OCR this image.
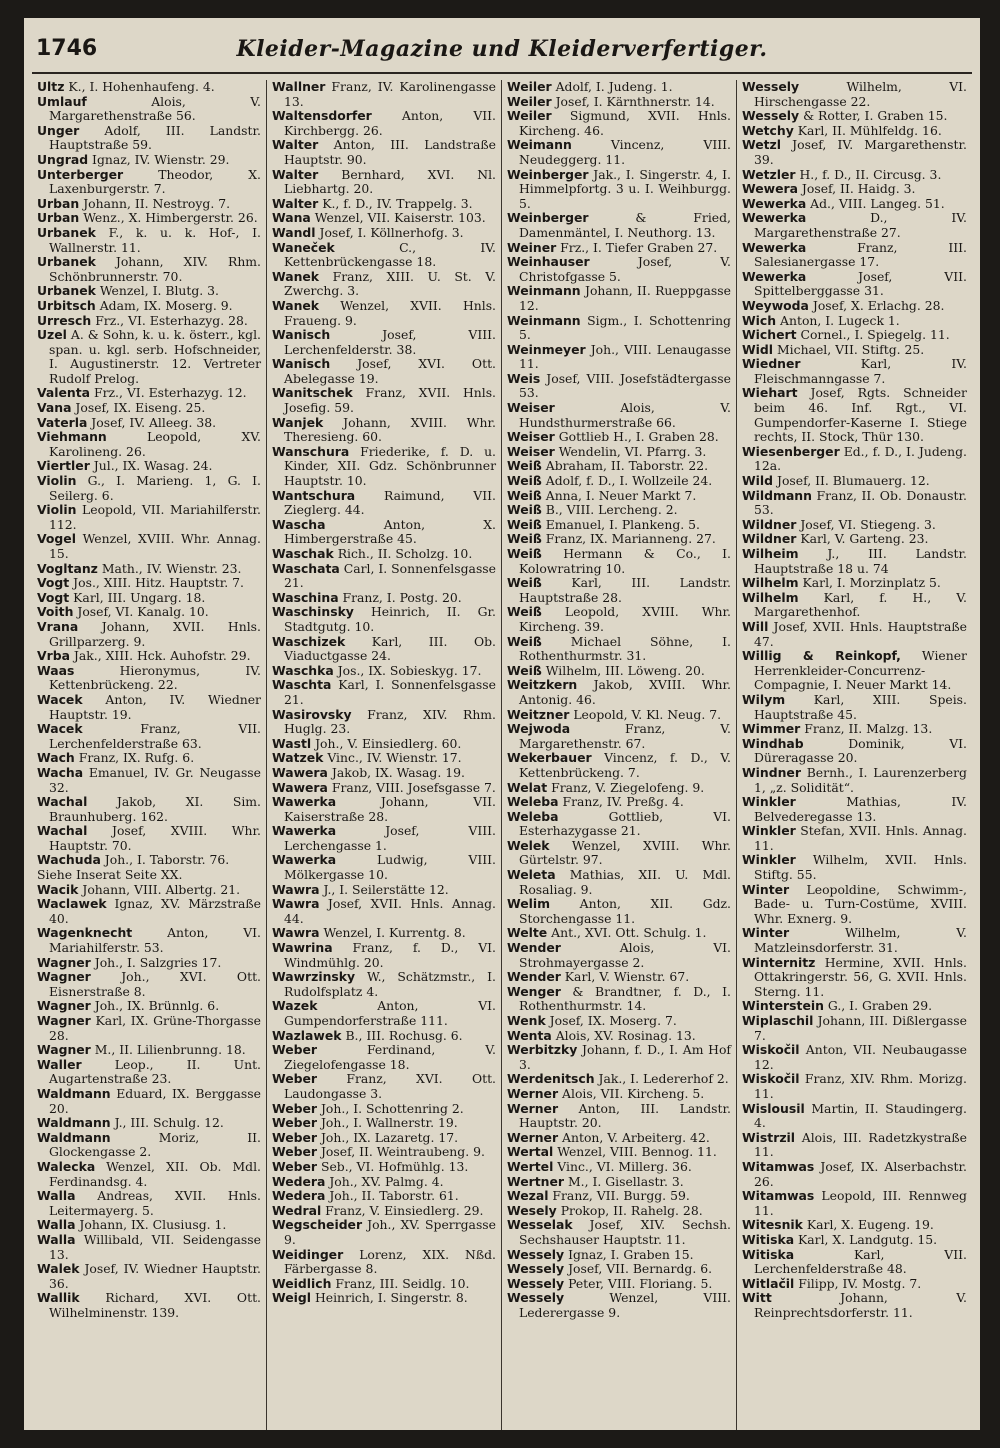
1746	Kleider-Magazine und Kleiderverfertiger.

Ultz K., I. Hohenhaufeng. 4.

Umlauf	Alois, V. Margarethenstraße 56.

Unger Adolf, III. Landstr. Hauptstraße 59.

Ungrad Ignaz, IV. Wienstr. 29.

Unterberger	Theodor, X. Laxenburgerstr. 7.

Urban Johann, II. Nestroyg. 7.

Urban Wenz., X. Himbergerstr. 26.

Urbanek F., k. u. k. Hof-, I. Wallnerstr. 11.

Urbanek Johann, XIV. Rhm. Schönbrunnerstr. 70.

Urbanek Wenzel, I. Blutg. 3.

Urbitsch Adam, IX. Moserg. 9.

Urresch Frz., VI. Esterhazyg. 28.

Uzel A. & Sohn, k. u. k. österr., kgl. span. u. kgl. serb. Hofschneider, I. Augustinerstr. 12. Vertreter Rudolf Prelog.

Valenta Frz., VI. Esterhazyg. 12.

Vana Josef, IX. Eiseng. 25.

Vaterla Josef, IV. Alleeg. 38.

Viehmann	Leopold, XV. Karolineng. 26.

Viertler Jul., IX. Wasag. 24.

Violin G., I. Marieng. 1, G. I. Seilerg. 6.

Violin Leopold, VII. Mariahilferstr. 112.

Vogel Wenzel, XVIII. Whr. Annag. 15.

Vogltanz Math., IV. Wienstr. 23.

Vogt Jos., XIII. Hitz. Hauptstr. 7.

Vogt Karl, III. Ungarg. 18.

Voith Josef, VI. Kanalg. 10.

Vrana Johann, XVII. Hnls. Grillparzerg. 9.

Vrba Jak., XIII. Hck. Auhofstr. 29.

Waas	Hieronymus, IV. Kettenbrückeng. 22.

Wacek Anton, IV. Wiedner Hauptstr. 19.

Wacek	Franz, VII. Lerchenfelderstraße 63.

Wach Franz, IX. Rufg. 6.

Wacha Emanuel, IV. Gr. Neugasse 32.

Wachal Jakob, XI. Sim. Braunhuberg. 162.

Wachal Josef, XVIII. Whr. Hauptstr. 70.

Wachuda Joh., I. Taborstr. 76.

Siehe Inserat Seite XX.

Wacik Johann, VIII. Albertg. 21.

Waclawek Ignaz, XV. Märzstraße 40.

Wagenknecht	Anton, VI. Mariahilferstr. 53.

Wagner Joh., I. Salzgries 17.

Wagner Joh., XVI. Ott. Eisnerstraße 8.

Wagner Joh., IX. Brünnlg. 6.

Wagner Karl, IX. Grüne-Thorgasse 28.

Wagner M., II. Lilienbrunng. 18.

Waller	Leop., II. Unt. Augartenstraße 23.

Waldmann Eduard, IX. Berggasse 20.

Waldmann J., III. Schulg. 12.

Waldmann	Moriz, II. Glockengasse 2.

Walecka Wenzel, XII. Ob. Mdl. Ferdinandsg. 4.

Walla Andreas, XVII. Hnls. Leitermayerg. 5.

Walla Johann, IX. Clusiusg. 1.

Walla Willibald, VII. Seidengasse 13.

Walek Josef, IV. Wiedner Hauptstr. 36.

Wallik Richard, XVI. Ott. Wilhelminenstr. 139.

Wallner Franz, IV. Karolinengasse 13.

Waltensdorfer Anton, VII. Kirchbergg. 26.

Walter Anton, III. Landstraße Hauptstr. 90.

Walter Bernhard, XVI. Nl. Liebhartg. 20.

Walter K., f. D., IV. Trappelg. 3.

Wana Wenzel, VII. Kaiserstr. 103.

Wandl Josef, I. Köllnerhofg. 3.

Waneček	C., IV. Kettenbrückengasse 18.

Wanek Franz, XIII. U. St. V. Zwerchg. 3.

Wanek Wenzel, XVII. Hnls. Fraueng. 9.

Wanisch	Josef, VIII. Lerchenfelderstr. 38.

Wanisch Josef, XVI. Ott. Abelegasse 19.

Wanitschek Franz, XVII. Hnls. Josefig. 59.

Wanjek Johann, XVIII. Whr. Theresieng. 60.

Wanschura Friederike, f. D. u. Kinder, XII. Gdz. Schönbrunner Hauptstr. 10.

Wantschura Raimund, VII. Zieglerg. 44.

Wascha	Anton, X. Himbergerstraße 45.

Waschak Rich., II. Scholzg. 10.

Waschata Carl, I. Sonnenfelsgasse 21.

Waschina Franz, I. Postg. 20.

Waschinsky Heinrich, II. Gr. Stadtgutg. 10.

Waschizek Karl, III. Ob. Viaductgasse 24.

Waschka Jos., IX. Sobieskyg. 17.

Waschta Karl, I. Sonnenfelsgasse 21.

Wasirovsky Franz, XIV. Rhm. Huglg. 23.

Wastl Joh., V. Einsiedlerg. 60.

Watzek Vinc., IV. Wienstr. 17.

Wawera Jakob, IX. Wasag. 19.

Wawera Franz, VIII. Josefsgasse 7.

Wawerka	Johann, VII. Kaiserstraße 28.

Wawerka	Josef, VIII. Lerchengasse 1.

Wawerka	Ludwig, VIII. Mölkergasse 10.

Wawra J., I. Seilerstätte 12.

Wawra Josef, XVII. Hnls. Annag. 44.

Wawra Wenzel, I. Kurrentg. 8.

Wawrina Franz, f. D., VI. Windmühlg. 20.

Wawrzinsky W., Schätzmstr., I. Rudolfsplatz 4.

Wazek	Anton, VI. Gumpendorferstraße 111.

Wazlawek B., III. Rochusg. 6.

Weber	Ferdinand, V. Ziegelofengasse 18.

Weber Franz, XVI. Ott. Laudongasse 3.

Weber Joh., I. Schottenring 2.

Weber Joh., I. Wallnerstr. 19.

Weber Joh., IX. Lazaretg. 17.

Weber Josef, II. Weintraubeng. 9.

Weber Seb., VI. Hofmühlg. 13.

Wedera Joh., XV. Palmg. 4.

Wedera Joh., II. Taborstr. 61.

Wedral Franz, V. Einsiedlerg. 29.

Wegscheider Joh., XV. Sperrgasse 9.

Weidinger Lorenz, XIX. Nßd. Färbergasse 8.

Weidlich Franz, III. Seidlg. 10.

Weigl Heinrich, I. Singerstr. 8.

Weiler Adolf, I. Judeng. 1.

Weiler Josef, I. Kärnthnerstr. 14.

Weiler Sigmund, XVII. Hnls. Kircheng. 46.

Weimann	Vincenz, VIII. Neudeggerg. 11.

Weinberger Jak., I. Singerstr. 4, I. Himmelpfortg. 3 u. I. Weihburgg. 5.

Weinberger	& Fried, Damenmäntel, I. Neuthorg. 13.

Weiner Frz., I. Tiefer Graben 27.

Weinhauser	Josef, V. Christofgasse 5.

Weinmann Johann, II. Rueppgasse 12.

Weinmann Sigm., I. Schottenring 5.

Weinmeyer Joh., VIII. Lenaugasse 11.

Weis Josef, VIII. Josefstädtergasse 53.

Weiser	Alois, V. Hundsthurmerstraße 66.

Weiser Gottlieb H., I. Graben 28.

Weiser Wendelin, VI. Pfarrg. 3.

Weiß Abraham, II. Taborstr. 22.

Weiß Adolf, f. D., I. Wollzeile 24.

Weiß Anna, I. Neuer Markt 7.

Weiß B., VIII. Lercheng. 2.

Weiß Emanuel, I. Plankeng. 5.

Weiß Franz, IX. Marianneng. 27.

Weiß Hermann & Co., I. Kolowratring 10.

Weiß Karl, III. Landstr. Hauptstraße 28.

Weiß Leopold, XVIII. Whr. Kircheng. 39.

Weiß Michael Söhne, I. Rothenthurmstr. 31.

Weiß Wilhelm, III. Löweng. 20.

Weitzkern Jakob, XVIII. Whr. Antonig. 46.

Weitzner Leopold, V. Kl. Neug. 7.

Wejwoda	Franz, V. Margarethenstr. 67.

Wekerbauer Vincenz, f. D., V. Kettenbrückeng. 7.

Welat Franz, V. Ziegelofeng. 9.

Weleba Franz, IV. Preßg. 4.

Weleba	Gottlieb, VI. Esterhazygasse 21.

Welek Wenzel, XVIII. Whr. Gürtelstr. 97.

Weleta Mathias, XII. U. Mdl. Rosaliag. 9.

Welim Anton, XII. Gdz. Storchengasse 11.

Welte Ant., XVI. Ott. Schulg. 1.

Wender	Alois, VI. Strohmayergasse 2.

Wender Karl, V. Wienstr. 67.

Wenger & Brandtner, f. D., I. Rothenthurmstr. 14.

Wenk Josef, IX. Moserg. 7.

Wenta Alois, XV. Rosinag. 13.

Werbitzky Johann, f. D., I. Am Hof 3.

Werdenitsch Jak., I. Ledererhof 2.

Werner Alois, VII. Kircheng. 5.

Werner Anton, III. Landstr. Hauptstr. 20.

Werner Anton, V. Arbeiterg. 42.

Wertal Wenzel, VIII. Bennog. 11.

Wertel Vinc., VI. Millerg. 36.

Wertner M., I. Gisellastr. 3.

Wezal Franz, VII. Burgg. 59.

Wesely Prokop, II. Rahelg. 28.

Wesselak Josef, XIV. Sechsh. Sechshauser Hauptstr. 11.

Wessely Ignaz, I. Graben 15.

Wessely Josef, VII. Bernardg. 6.

Wessely Peter, VIII. Floriang. 5.

Wessely	Wenzel, VIII. Lederergasse 9.

Wessely	Wilhelm, VI. Hirschengasse 22.

Wessely & Rotter, I. Graben 15.

Wetchy Karl, II. Mühlfeldg. 16.

Wetzl Josef, IV. Margarethenstr. 39.

Wetzler H., f. D., II. Circusg. 3.

Wewera Josef, II. Haidg. 3.

Wewerka Ad., VIII. Langeg. 51.

Wewerka	D., IV. Margarethenstraße 27.

Wewerka	Franz, III. Salesianergasse 17.

Wewerka	Josef, VII. Spittelberggasse 31.

Weywoda Josef, X. Erlachg. 28.

Wich Anton, I. Lugeck 1.

Wichert Cornel., I. Spiegelg. 11.

Widl Michael, VII. Stiftg. 25.

Wiedner	Karl, IV. Fleischmanngasse 7.

Wiehart Josef, Rgts. Schneider beim 46. Inf. Rgt., VI. Gumpendorfer-Kaserne I. Stiege rechts, II. Stock, Thür 130.

Wiesenberger Ed., f. D., I. Judeng. 12a.

Wild Josef, II. Blumauerg. 12.

Wildmann Franz, II. Ob. Donaustr. 53.

Wildner Josef, VI. Stiegeng. 3.

Wildner Karl, V. Garteng. 23.

Wilheim J., III. Landstr. Hauptstraße 18 u. 74

Wilhelm Karl, I. Morzinplatz 5.

Wilhelm Karl, f. H., V. Margarethenhof.

Will Josef, XVII. Hnls. Hauptstraße 47.

Willig & Reinkopf, Wiener Herrenkleider-Concurrenz-Compagnie, I. Neuer Markt 14.

Wilym Karl, XIII. Speis. Hauptstraße 45.

Wimmer Franz, II. Malzg. 13.

Windhab	Dominik, VI. Düreragasse 20.

Windner Bernh., I. Laurenzerberg 1, „z. Solidität“.

Winkler	Mathias, IV. Belvederegasse 13.

Winkler Stefan, XVII. Hnls. Annag. 11.

Winkler Wilhelm, XVII. Hnls. Stiftg. 55.

Winter Leopoldine, Schwimm-, Bade- u. Turn-Costüme, XVIII. Whr. Exnerg. 9.

Winter	Wilhelm, V. Matzleinsdorferstr. 31.

Winternitz Hermine, XVII. Hnls. Ottakringerstr. 56, G. XVII. Hnls. Sterng. 11.

Winterstein G., I. Graben 29.

Wiplaschil Johann, III. Dißlergasse 7.

Wiskočil Anton, VII. Neubaugasse 12.

Wiskočil Franz, XIV. Rhm. Morizg. 11.

Wislousil Martin, II. Staudingerg. 4.

Wistrzil Alois, III. Radetzkystraße 11.

Witamwas Josef, IX. Alserbachstr. 26.

Witamwas Leopold, III. Rennweg 11.

Witesnik Karl, X. Eugeng. 19.

Witiska Karl, X. Landgutg. 15.

Witiska	Karl, VII. Lerchenfelderstraße 48.

Witlačil Filipp, IV. Mostg. 7.

Witt	Johann, V. Reinprechtsdorferstr. 11.
